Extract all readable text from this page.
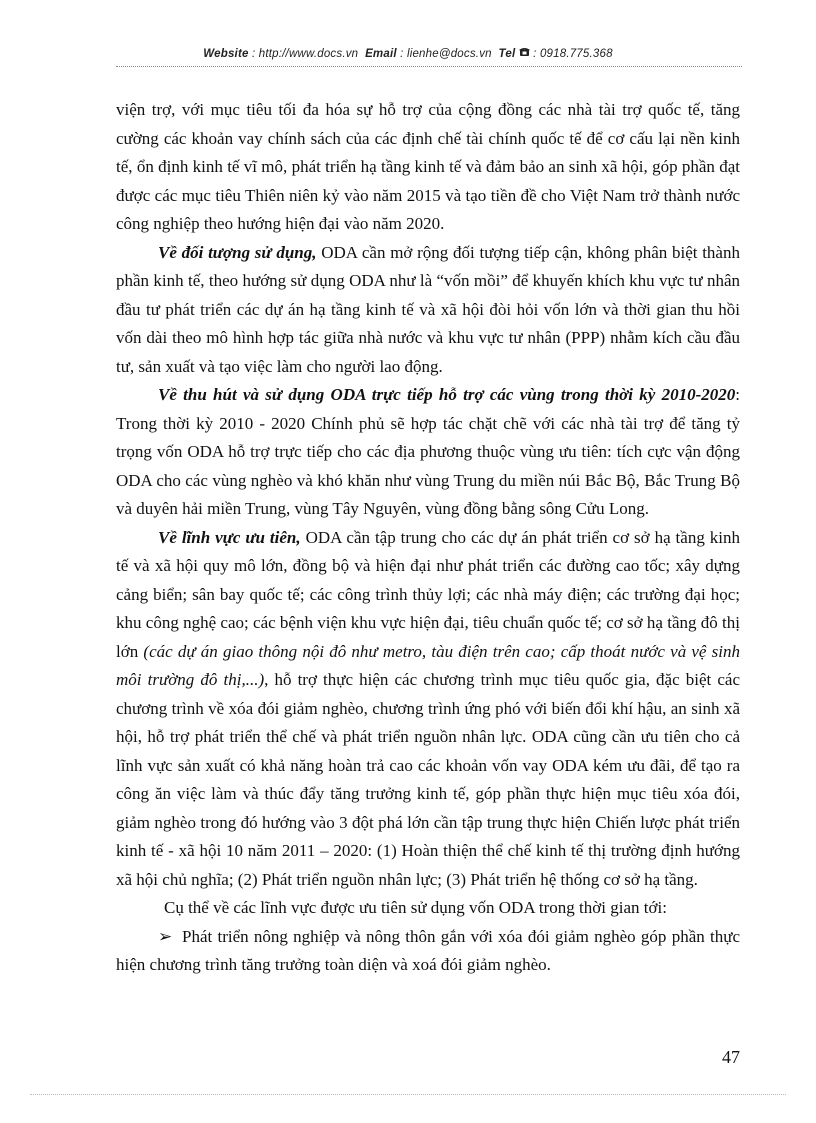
Website : http://www.docs.vn Email : lienhe@docs.vn Tel  : 0918.775.368

viện trợ, với mục tiêu tối đa hóa sự hỗ trợ của cộng đồng các nhà tài trợ quốc tế, tăng cường các khoản vay chính sách của các định chế tài chính quốc tế để cơ cấu lại nền kinh tế, ổn định kinh tế vĩ mô, phát triển hạ tầng kinh tế và đảm bảo an sinh xã hội, góp phần đạt được các mục tiêu Thiên niên kỷ vào năm 2015 và tạo tiền đề cho Việt Nam trở thành nước công nghiệp theo hướng hiện đại vào năm 2020.

Về đối tượng sử dụng, ODA cần mở rộng đối tượng tiếp cận, không phân biệt thành phần kinh tế, theo hướng sử dụng ODA như là “vốn mồi” để khuyến khích khu vực tư nhân đầu tư phát triển các dự án hạ tầng kinh tế và xã hội đòi hỏi vốn lớn và thời gian thu hồi vốn dài theo mô hình hợp tác giữa nhà nước và khu vực tư nhân (PPP) nhằm kích cầu đầu tư, sản xuất và tạo việc làm cho người lao động.

Về thu hút và sử dụng ODA trực tiếp hỗ trợ các vùng trong thời kỳ 2010-2020: Trong thời kỳ 2010 - 2020 Chính phủ sẽ hợp tác chặt chẽ với các nhà tài trợ để tăng tỷ trọng vốn ODA hỗ trợ trực tiếp cho các địa phương thuộc vùng ưu tiên: tích cực vận động ODA cho các vùng nghèo và khó khăn như vùng Trung du miền núi Bắc Bộ, Bắc Trung Bộ và duyên hải miền Trung, vùng Tây Nguyên, vùng đồng bằng sông Cửu Long.

Về lĩnh vực ưu tiên, ODA cần tập trung cho các dự án phát triển cơ sở hạ tầng kinh tế và xã hội quy mô lớn, đồng bộ và hiện đại như phát triển các đường cao tốc; xây dựng cảng biển; sân bay quốc tế; các công trình thủy lợi; các nhà máy điện; các trường đại học; khu công nghệ cao; các bệnh viện khu vực hiện đại, tiêu chuẩn quốc tế; cơ sở hạ tầng đô thị lớn (các dự án giao thông nội đô như metro, tàu điện trên cao; cấp thoát nước và vệ sinh môi trường đô thị,...), hỗ trợ thực hiện các chương trình mục tiêu quốc gia, đặc biệt các chương trình về xóa đói giảm nghèo, chương trình ứng phó với biến đổi khí hậu, an sinh xã hội, hỗ trợ phát triển thể chế và phát triển nguồn nhân lực. ODA cũng cần ưu tiên cho cả lĩnh vực sản xuất có khả năng hoàn trả cao các khoản vốn vay ODA kém ưu đãi, để tạo ra công ăn việc làm và thúc đẩy tăng trưởng kinh tế, góp phần thực hiện mục tiêu xóa đói, giảm nghèo trong đó hướng vào 3 đột phá lớn cần tập trung thực hiện Chiến lược phát triển kinh tế - xã hội 10 năm 2011 – 2020: (1) Hoàn thiện thể chế kinh tế thị trường định hướng xã hội chủ nghĩa; (2) Phát triển nguồn nhân lực; (3) Phát triển hệ thống cơ sở hạ tầng.

Cụ thể về các lĩnh vực được ưu tiên sử dụng vốn ODA trong thời gian tới:

➢ Phát triển nông nghiệp và nông thôn gắn với xóa đói giảm nghèo góp phần thực hiện chương trình tăng trưởng toàn diện và xoá đói giảm nghèo.

47
